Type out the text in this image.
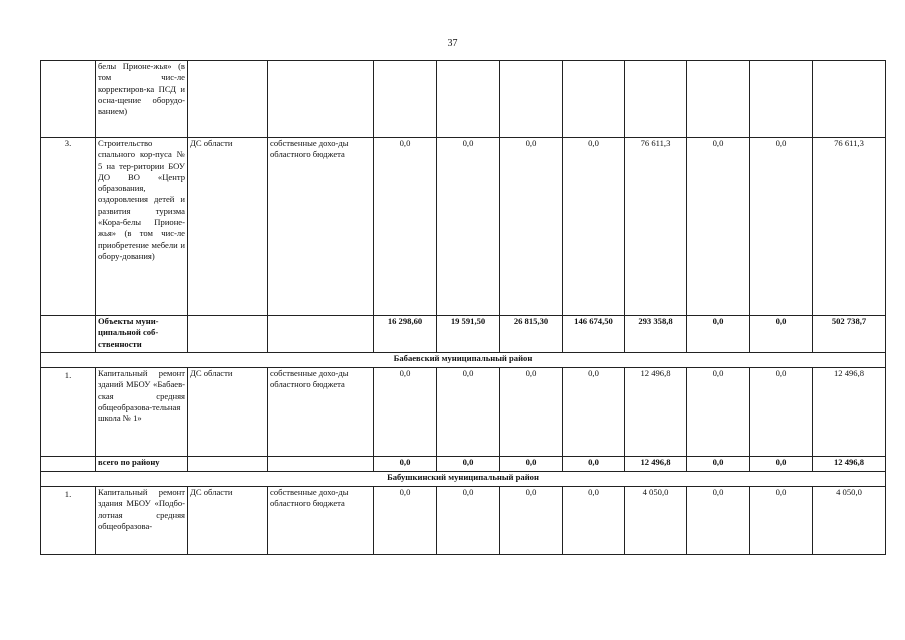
37
	белы Прионе-жья» (в том чис-ле корректиров-ка ПСД и осна-щение оборудо-ванием)										
3.	Строительство спального кор-пуса № 5 на тер-ритории БОУ ДО ВО «Центр образования, оздоровления детей и развития туризма «Кора-белы Прионе-жья» (в том чис-ле приобретение мебели и обору-дования)	ДС области	собственные дохо-ды областного бюджета	0,0	0,0	0,0	0,0	76 611,3	0,0	0,0	76 611,3
	Объекты муни-ципальной соб-ственности			16 298,60	19 591,50	26 815,30	146 674,50	293 358,8	0,0	0,0	502 738,7
Бабаевский муниципальный район											
1.	Капитальный ремонт зданий МБОУ «Бабаев-ская средняя общеобразова-тельная школа № 1»	ДС области	собственные дохо-ды областного бюджета	0,0	0,0	0,0	0,0	12 496,8	0,0	0,0	12 496,8
	всего по району			0,0	0,0	0,0	0,0	12 496,8	0,0	0,0	12 496,8
Бабушкинский муниципальный район											
1.	Капитальный ремонт здания МБОУ «Подбо-лотная средняя общеобразова-	ДС области	собственные дохо-ды областного бюджета	0,0	0,0	0,0	0,0	4 050,0	0,0	0,0	4 050,0
